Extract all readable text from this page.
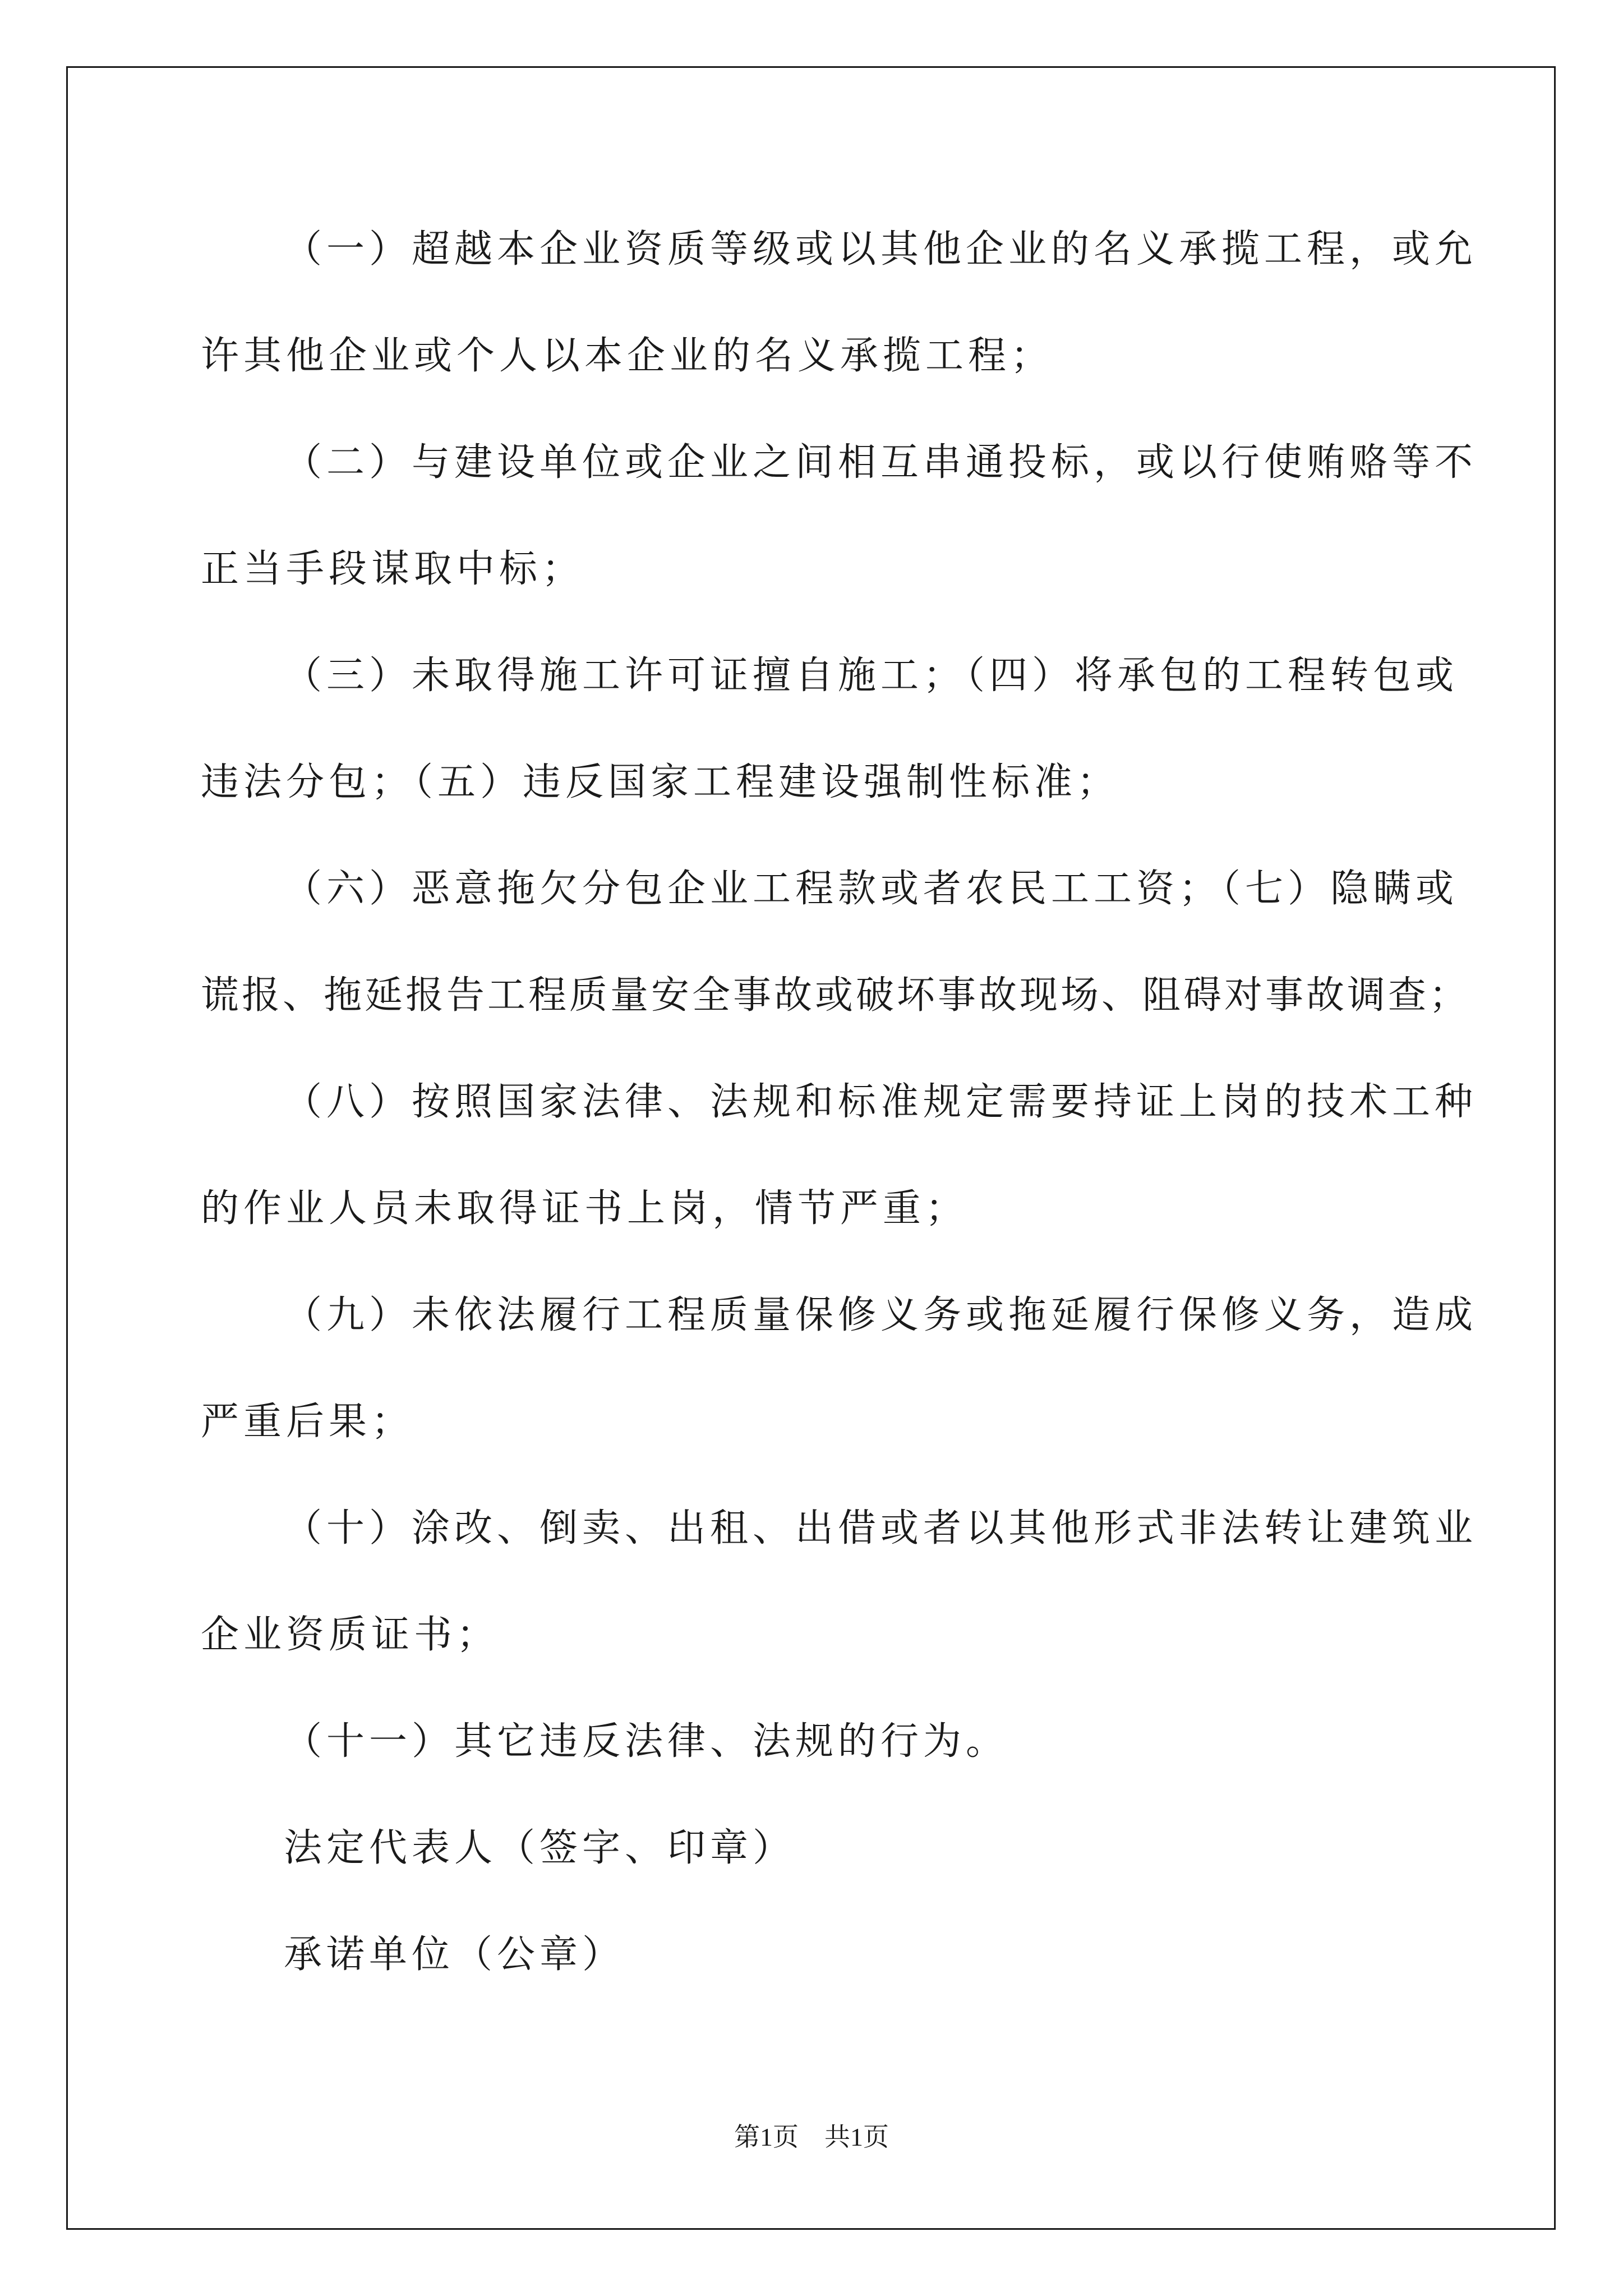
（一）超越本企业资质等级或以其他企业的名义承揽工程，或允
许其他企业或个人以本企业的名义承揽工程；
（二）与建设单位或企业之间相互串通投标，或以行使贿赂等不
正当手段谋取中标；
（三）未取得施工许可证擅自施工；（四）将承包的工程转包或
违法分包；（五）违反国家工程建设强制性标准；
（六）恶意拖欠分包企业工程款或者农民工工资；（七）隐瞒或
谎报、拖延报告工程质量安全事故或破坏事故现场、阻碍对事故调查；
（八）按照国家法律、法规和标准规定需要持证上岗的技术工种
的作业人员未取得证书上岗，情节严重；
（九）未依法履行工程质量保修义务或拖延履行保修义务，造成
严重后果；
（十）涂改、倒卖、出租、出借或者以其他形式非法转让建筑业
企业资质证书；
（十一）其它违反法律、法规的行为。
法定代表人（签字、印章）
承诺单位（公章）
第1页　共1页
